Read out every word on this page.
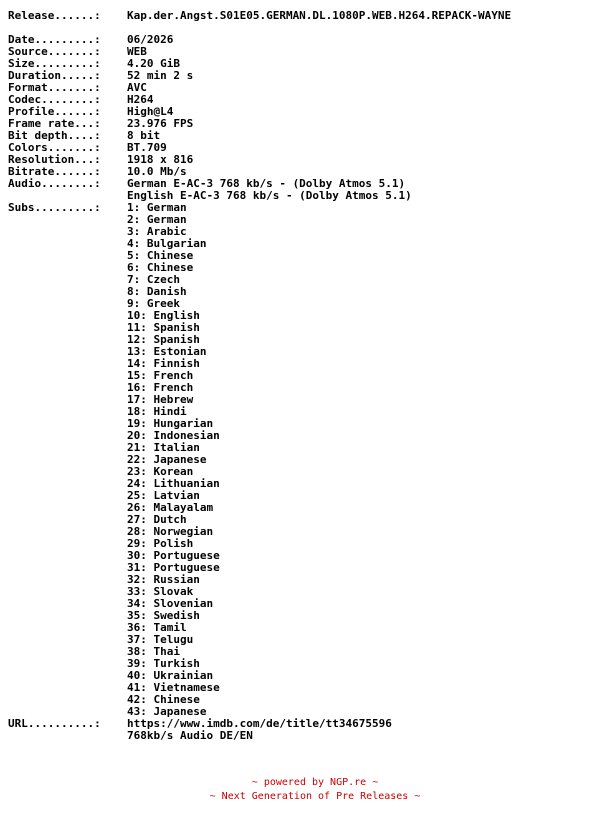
Release......: Kap.der.Angst.S01E05.GERMAN.DL.1080P.WEB.H264.REPACK-WAYNE
Date.........: 06/2026
Source.......: WEB
Size.........: 4.20 GiB
Duration.....: 52 min 2 s
Format.......: AVC
Codec........: H264
Profile......: High@L4
Frame rate...: 23.976 FPS
Bit depth....: 8 bit
Colors.......: BT.709
Resolution...: 1918 x 816
Bitrate......: 10.0 Mb/s
Audio........: German E-AC-3 768 kb/s - (Dolby Atmos 5.1)
English E-AC-3 768 kb/s - (Dolby Atmos 5.1)
Subs.........: 1: German
2: German
3: Arabic
4: Bulgarian
5: Chinese
6: Chinese
7: Czech
8: Danish
9: Greek
10: English
11: Spanish
12: Spanish
13: Estonian
14: Finnish
15: French
16: French
17: Hebrew
18: Hindi
19: Hungarian
20: Indonesian
21: Italian
22: Japanese
23: Korean
24: Lithuanian
25: Latvian
26: Malayalam
27: Dutch
28: Norwegian
29: Polish
30: Portuguese
31: Portuguese
32: Russian
33: Slovak
34: Slovenian
35: Swedish
36: Tamil
37: Telugu
38: Thai
39: Turkish
40: Ukrainian
41: Vietnamese
42: Chinese
43: Japanese
URL..........: https://www.imdb.com/de/title/tt34675596
768kb/s Audio DE/EN
~ powered by NGP.re ~
~ Next Generation of Pre Releases ~
